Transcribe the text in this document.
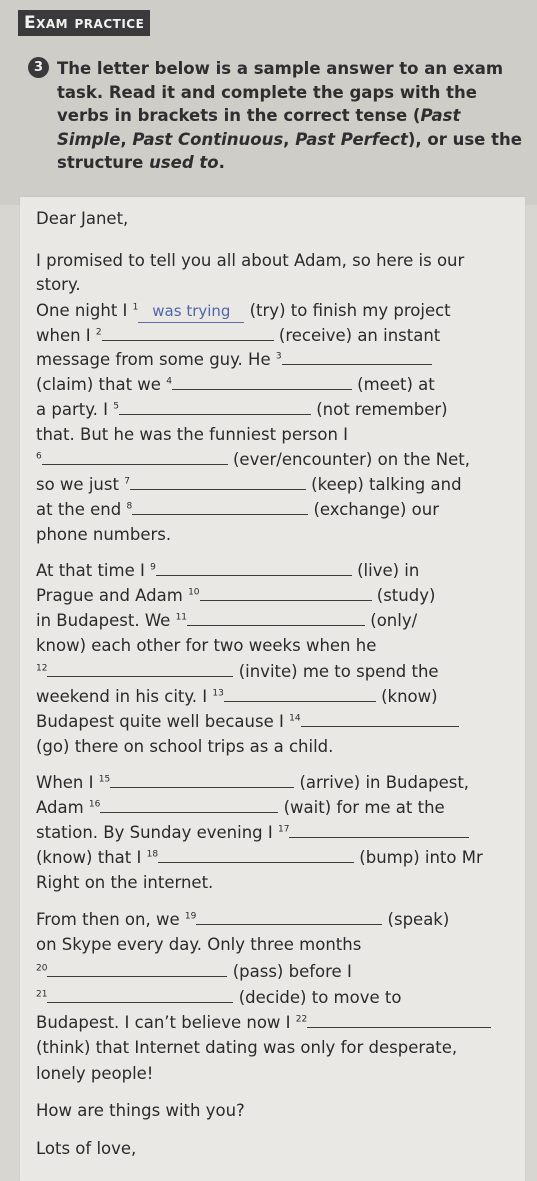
Exam practice
3 The letter below is a sample answer to an exam task. Read it and complete the gaps with the verbs in brackets in the correct tense (Past Simple, Past Continuous, Past Perfect), or use the structure used to.
Dear Janet,
I promised to tell you all about Adam, so here is our
story.
One night I $^1$ was trying (try) to finish my project
when I $^2$	(receive) an instant
message from some guy. He $^3$
(claim) that we $^4$	(meet) at
a party. I $^5$	(not remember)
that. But he was the funniest person I
$^6$	(ever/encounter) on the Net,
so we just $^7$	(keep) talking and
at the end $^8$	(exchange) our
phone numbers.
At that time I $^9$	(live) in
Prague and Adam $^{10}$	(study)
in Budapest. We $^{11}$	(only/
know) each other for two weeks when he
$^{12}$	(invite) me to spend the
weekend in his city. I $^{13}$	(know)
Budapest quite well because I $^{14}$
(go) there on school trips as a child.
When I $^{15}$	(arrive) in Budapest,
Adam $^{16}$	(wait) for me at the
station. By Sunday evening I $^{17}$
(know) that I $^{18}$	(bump) into Mr
Right on the internet.
From then on, we $^{19}$	(speak)
on Skype every day. Only three months
$^{20}$	(pass) before I
$^{21}$	(decide) to move to
Budapest. I can’t believe now I $^{22}$
(think) that Internet dating was only for desperate,
lonely people!
How are things with you?
Lots of love,
